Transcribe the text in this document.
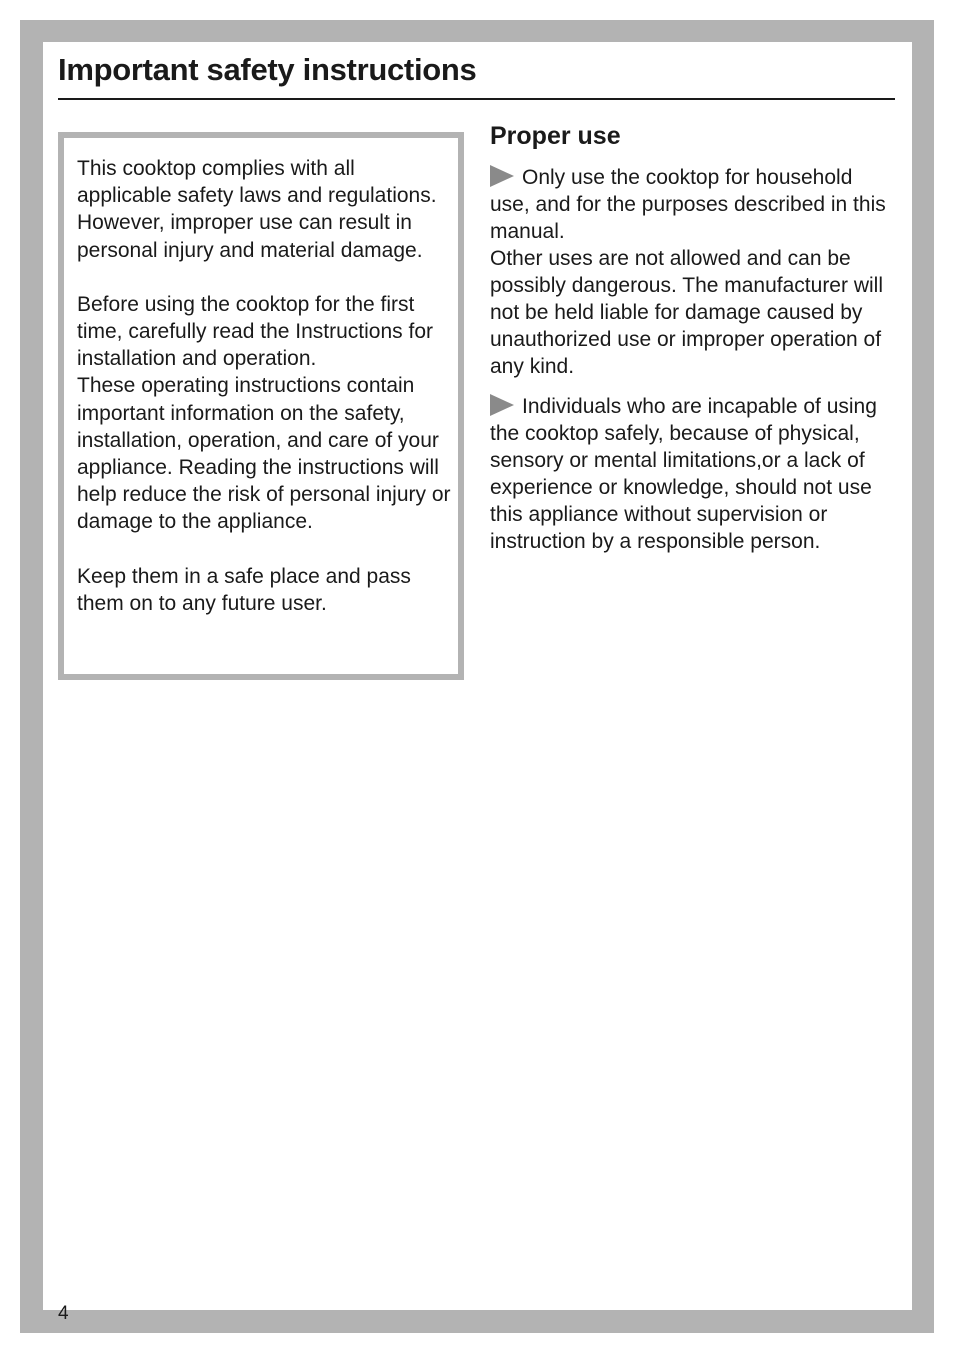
Important safety instructions

This cooktop complies with all applicable safety laws and regulations. However, improper use can result in personal injury and material damage.

Before using the cooktop for the first time, carefully read the Instructions for installation and operation.

These operating instructions contain important information on the safety, installation, operation, and care of your appliance. Reading the instructions will help reduce the risk of personal injury or damage to the appliance.

Keep them in a safe place and pass them on to any future user.

Proper use

Only use the cooktop for household use, and for the purposes described in this manual.

Other uses are not allowed and can be possibly dangerous. The manufacturer will not be held liable for damage caused by unauthorized use or improper operation of any kind.

Individuals who are incapable of using the cooktop safely, because of physical, sensory or mental limitations,or a lack of experience or knowledge, should not use this appliance without supervision or instruction by a responsible person.

4
